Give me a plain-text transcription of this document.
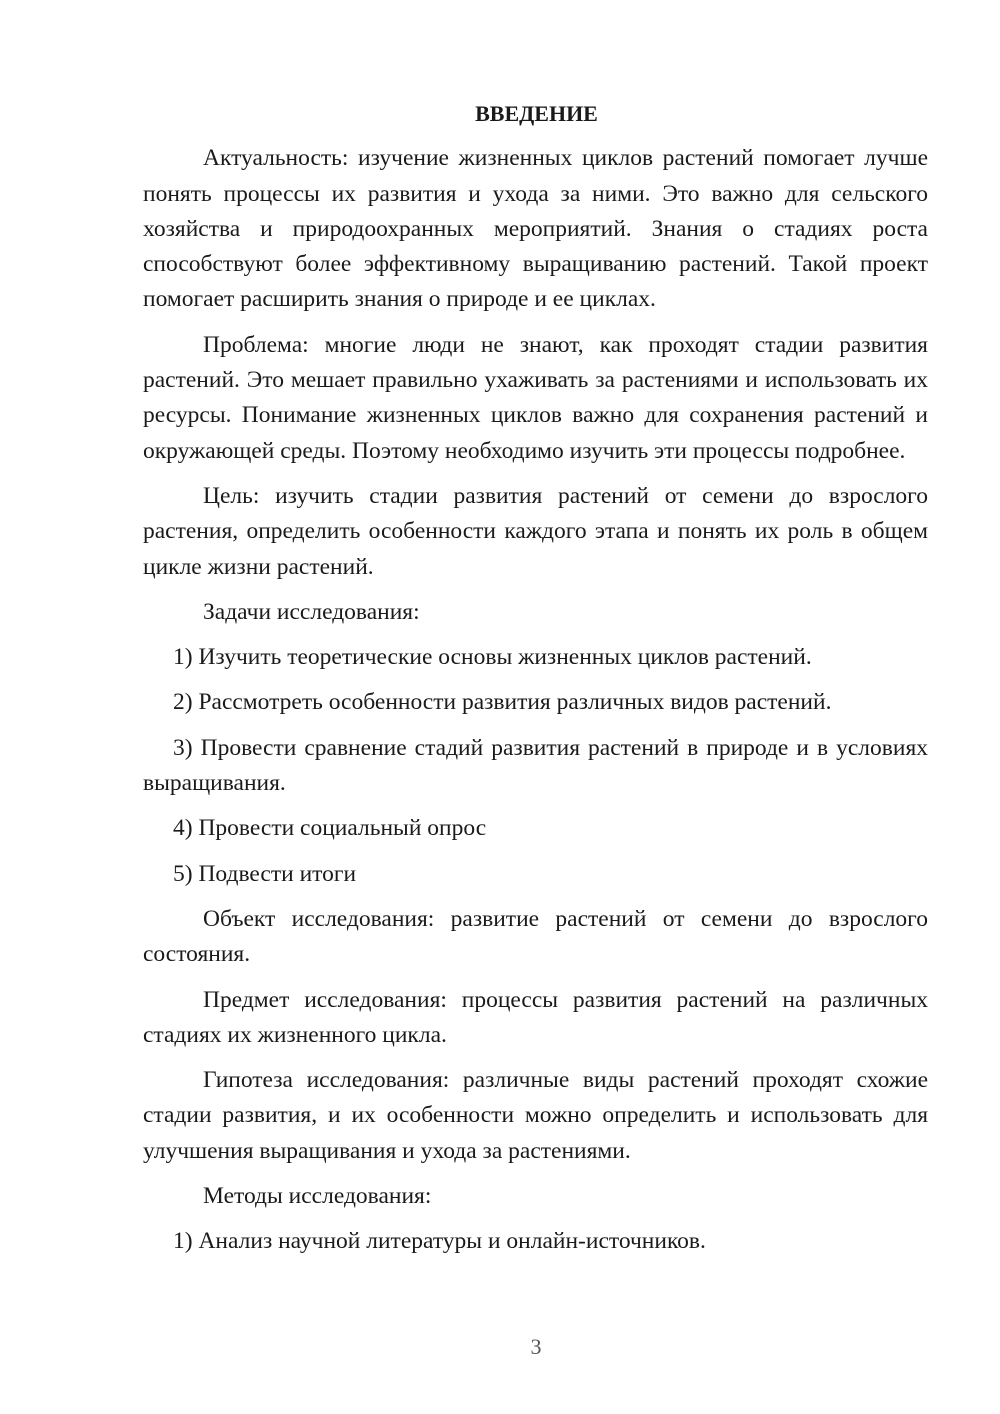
ВВЕДЕНИЕ

Актуальность: изучение жизненных циклов растений помогает лучше понять процессы их развития и ухода за ними. Это важно для сельского хозяйства и природоохранных мероприятий. Знания о стадиях роста способствуют более эффективному выращиванию растений. Такой проект помогает расширить знания о природе и ее циклах.

Проблема: многие люди не знают, как проходят стадии развития растений. Это мешает правильно ухаживать за растениями и использовать их ресурсы. Понимание жизненных циклов важно для сохранения растений и окружающей среды. Поэтому необходимо изучить эти процессы подробнее.

Цель: изучить стадии развития растений от семени до взрослого растения, определить особенности каждого этапа и понять их роль в общем цикле жизни растений.

Задачи исследования:

1) Изучить теоретические основы жизненных циклов растений.

2) Рассмотреть особенности развития различных видов растений.

3) Провести сравнение стадий развития растений в природе и в условиях выращивания.

4) Провести социальный опрос

5) Подвести итоги

Объект исследования: развитие растений от семени до взрослого состояния.

Предмет исследования: процессы развития растений на различных стадиях их жизненного цикла.

Гипотеза исследования: различные виды растений проходят схожие стадии развития, и их особенности можно определить и использовать для улучшения выращивания и ухода за растениями.

Методы исследования:

1) Анализ научной литературы и онлайн-источников.

3
